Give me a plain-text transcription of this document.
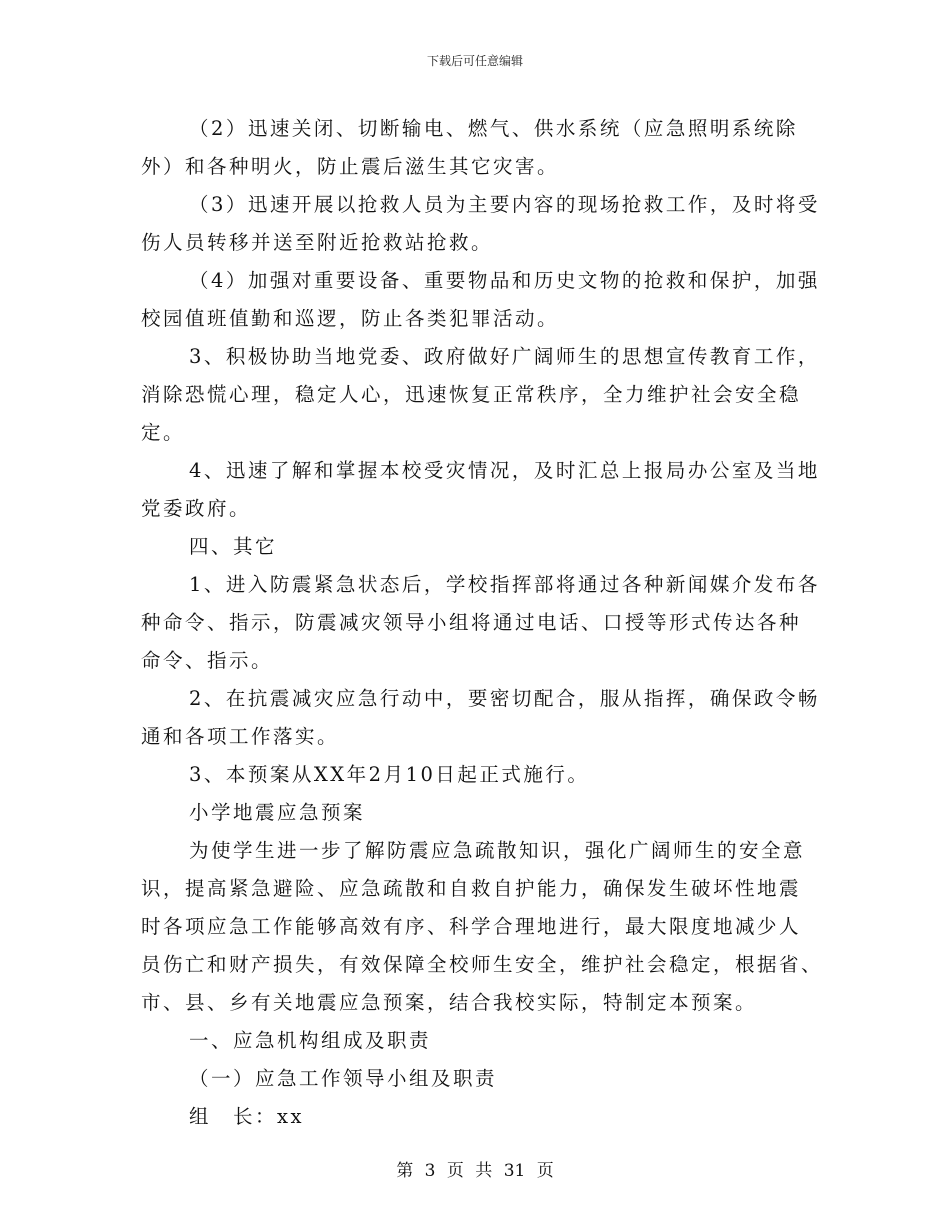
下载后可任意编辑
（2）迅速关闭、切断输电、燃气、供水系统（应急照明系统除
外）和各种明火，防止震后滋生其它灾害。
（3）迅速开展以抢救人员为主要内容的现场抢救工作，及时将受
伤人员转移并送至附近抢救站抢救。
（4）加强对重要设备、重要物品和历史文物的抢救和保护，加强
校园值班值勤和巡逻，防止各类犯罪活动。
3、积极协助当地党委、政府做好广阔师生的思想宣传教育工作，
消除恐慌心理，稳定人心，迅速恢复正常秩序，全力维护社会安全稳
定。
4、迅速了解和掌握本校受灾情况，及时汇总上报局办公室及当地
党委政府。
四、其它
1、进入防震紧急状态后，学校指挥部将通过各种新闻媒介发布各
种命令、指示，防震减灾领导小组将通过电话、口授等形式传达各种
命令、指示。
2、在抗震减灾应急行动中，要密切配合，服从指挥，确保政令畅
通和各项工作落实。
3、本预案从XX年2月10日起正式施行。
小学地震应急预案
为使学生进一步了解防震应急疏散知识，强化广阔师生的安全意
识，提高紧急避险、应急疏散和自救自护能力，确保发生破坏性地震
时各项应急工作能够高效有序、科学合理地进行，最大限度地减少人
员伤亡和财产损失，有效保障全校师生安全，维护社会稳定，根据省、
市、县、乡有关地震应急预案，结合我校实际，特制定本预案。
一、应急机构组成及职责
（一）应急工作领导小组及职责
组　长：xx
第 3 页 共 31 页
